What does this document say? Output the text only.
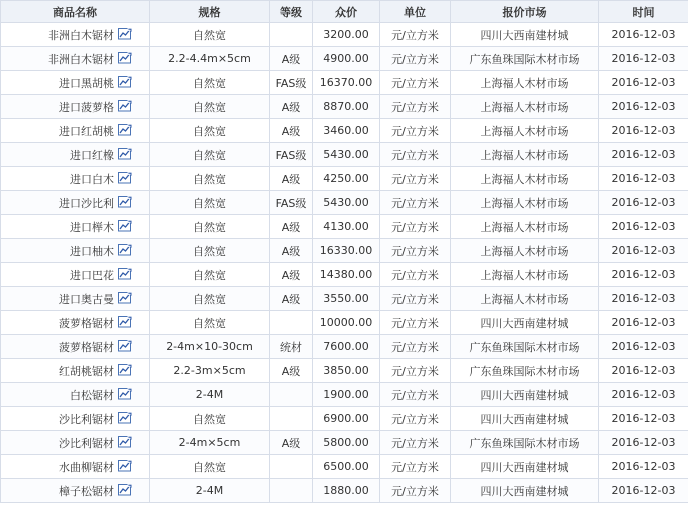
商品名称	规格	等级	众价	单位	报价市场	时间
非洲白木锯材	自然宽		3200.00	元/立方米	四川大西南建材城	2016-12-03
非洲白木锯材	2.2-4.4m×5cm	A级	4900.00	元/立方米	广东鱼珠国际木材市场	2016-12-03
进口黑胡桃	自然宽	FAS级	16370.00	元/立方米	上海福人木材市场	2016-12-03
进口菠萝格	自然宽	A级	8870.00	元/立方米	上海福人木材市场	2016-12-03
进口红胡桃	自然宽	A级	3460.00	元/立方米	上海福人木材市场	2016-12-03
进口红橡	自然宽	FAS级	5430.00	元/立方米	上海福人木材市场	2016-12-03
进口白木	自然宽	A级	4250.00	元/立方米	上海福人木材市场	2016-12-03
进口沙比利	自然宽	FAS级	5430.00	元/立方米	上海福人木材市场	2016-12-03
进口榉木	自然宽	A级	4130.00	元/立方米	上海福人木材市场	2016-12-03
进口柚木	自然宽	A级	16330.00	元/立方米	上海福人木材市场	2016-12-03
进口巴花	自然宽	A级	14380.00	元/立方米	上海福人木材市场	2016-12-03
进口奥古曼	自然宽	A级	3550.00	元/立方米	上海福人木材市场	2016-12-03
菠萝格锯材	自然宽		10000.00	元/立方米	四川大西南建材城	2016-12-03
菠萝格锯材	2-4m×10-30cm	统材	7600.00	元/立方米	广东鱼珠国际木材市场	2016-12-03
红胡桃锯材	2.2-3m×5cm	A级	3850.00	元/立方米	广东鱼珠国际木材市场	2016-12-03
白松锯材	2-4M		1900.00	元/立方米	四川大西南建材城	2016-12-03
沙比利锯材	自然宽		6900.00	元/立方米	四川大西南建材城	2016-12-03
沙比利锯材	2-4m×5cm	A级	5800.00	元/立方米	广东鱼珠国际木材市场	2016-12-03
水曲柳锯材	自然宽		6500.00	元/立方米	四川大西南建材城	2016-12-03
樟子松锯材	2-4M		1880.00	元/立方米	四川大西南建材城	2016-12-03
